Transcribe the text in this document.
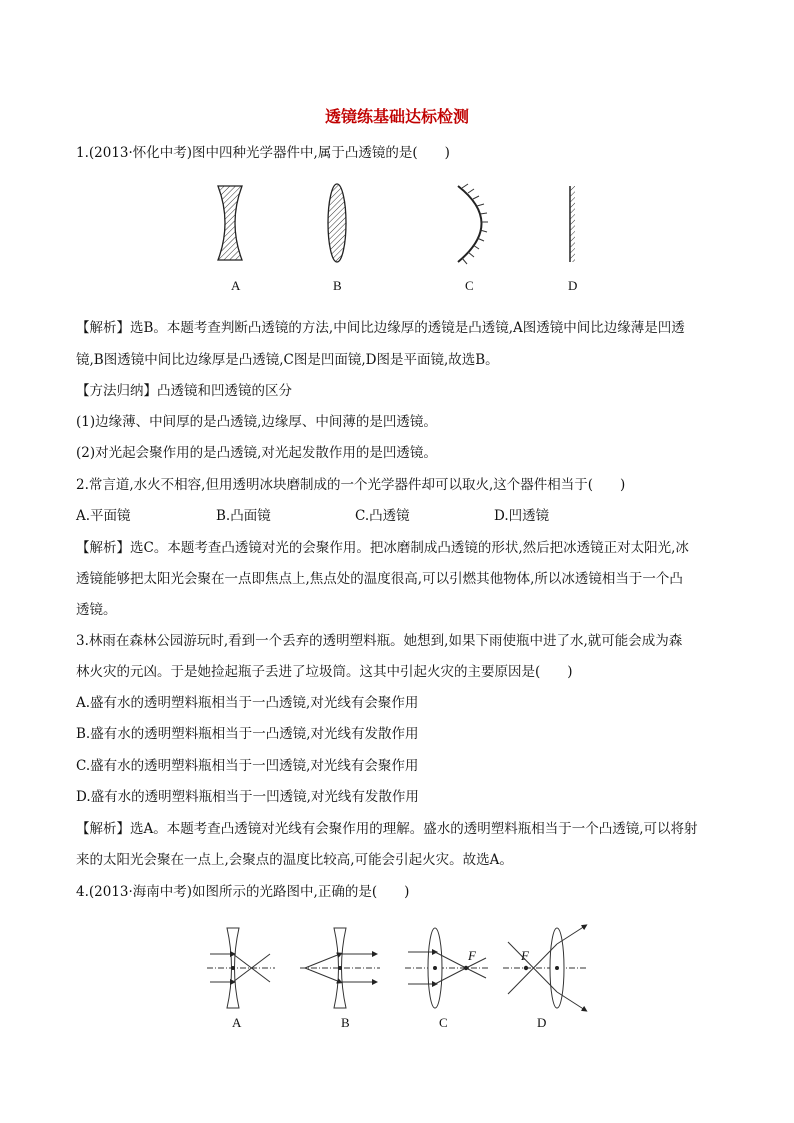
透镜练基础达标检测
1.(2013·怀化中考)图中四种光学器件中,属于凸透镜的是(　　)
A	B	C	D
【解析】选B。本题考查判断凸透镜的方法,中间比边缘厚的透镜是凸透镜,A图透镜中间比边缘薄是凹透
镜,B图透镜中间比边缘厚是凸透镜,C图是凹面镜,D图是平面镜,故选B。
【方法归纳】凸透镜和凹透镜的区分
(1)边缘薄、中间厚的是凸透镜,边缘厚、中间薄的是凹透镜。
(2)对光起会聚作用的是凸透镜,对光起发散作用的是凹透镜。
2.常言道,水火不相容,但用透明冰块磨制成的一个光学器件却可以取火,这个器件相当于(　　)
A.平面镜	B.凸面镜	C.凸透镜	D.凹透镜
【解析】选C。本题考查凸透镜对光的会聚作用。把冰磨制成凸透镜的形状,然后把冰透镜正对太阳光,冰
透镜能够把太阳光会聚在一点即焦点上,焦点处的温度很高,可以引燃其他物体,所以冰透镜相当于一个凸
透镜。
3.林雨在森林公园游玩时,看到一个丢弃的透明塑料瓶。她想到,如果下雨使瓶中进了水,就可能会成为森
林火灾的元凶。于是她捡起瓶子丢进了垃圾筒。这其中引起火灾的主要原因是(　　)
A.盛有水的透明塑料瓶相当于一凸透镜,对光线有会聚作用
B.盛有水的透明塑料瓶相当于一凸透镜,对光线有发散作用
C.盛有水的透明塑料瓶相当于一凹透镜,对光线有会聚作用
D.盛有水的透明塑料瓶相当于一凹透镜,对光线有发散作用
【解析】选A。本题考查凸透镜对光线有会聚作用的理解。盛水的透明塑料瓶相当于一个凸透镜,可以将射
来的太阳光会聚在一点上,会聚点的温度比较高,可能会引起火灾。故选A。
4.(2013·海南中考)如图所示的光路图中,正确的是(　　)
F	F
A	B	C	D
